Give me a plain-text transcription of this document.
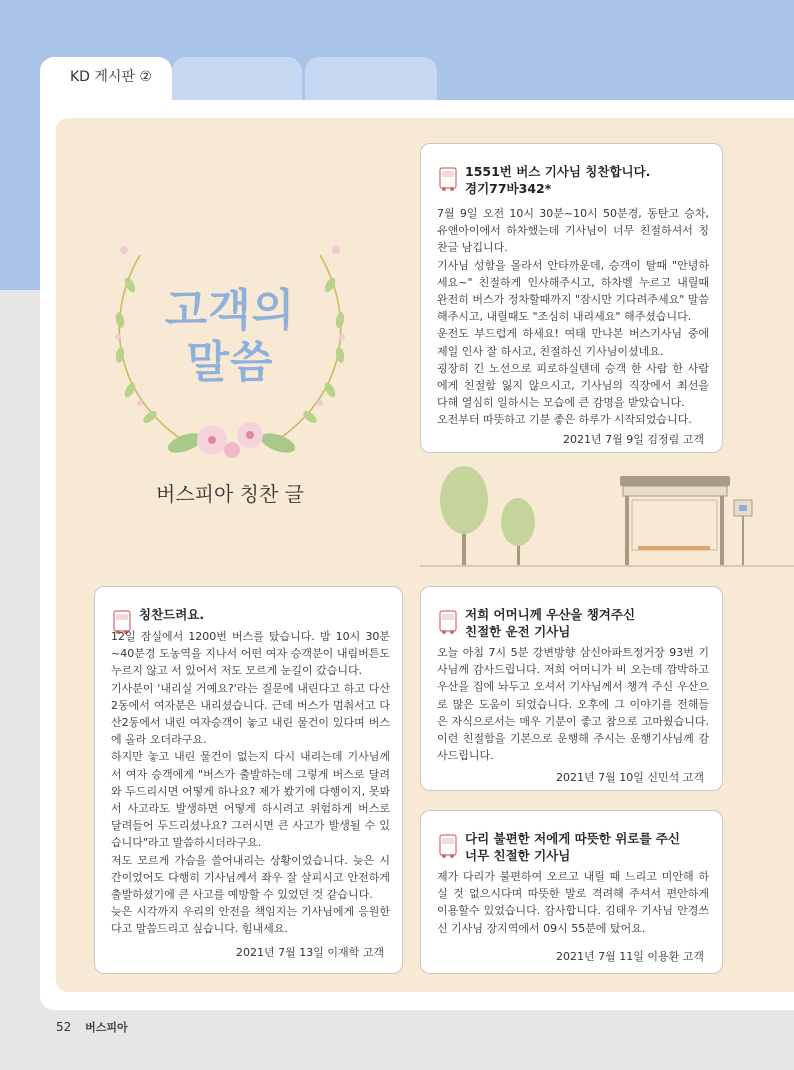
KD 게시판 ②
고객의
말씀
버스피아 칭찬 글
1551번 버스 기사님 칭찬합니다.
경기77바342*

7월 9일 오전 10시 30분~10시 50분경, 동탄고 승차, 유앤아이에서 하차했는데 기사님이 너무 친절하셔서 칭찬글 남깁니다.

기사님 성함을 몰라서 안타까운데, 승객이 탈때 "안녕하세요~" 친절하게 인사해주시고, 하차벨 누르고 내릴때 완전히 버스가 정차할때까지 "잠시만 기다려주세요" 말씀해주시고, 내릴때도 "조심히 내리세요" 해주셨습니다.

운전도 부드럽게 하세요! 여태 만나본 버스기사님 중에 제일 인사 잘 하시고, 친절하신 기사님이셨네요.

굉장히 긴 노선으로 피로하실텐데 승객 한 사람 한 사람에게 친절함 잃지 않으시고, 기사님의 직장에서 최선을 다해 열심히 일하시는 모습에 큰 감명을 받았습니다.

오전부터 따뜻하고 기분 좋은 하루가 시작되었습니다.

2021년 7월 9일 김정림 고객
칭찬드려요.

12일 잠실에서 1200번 버스를 탔습니다. 밤 10시 30분~40분경 도농역을 지나서 어떤 여자 승객분이 내림버튼도 누르지 않고 서 있어서 저도 모르게 눈길이 갔습니다.

기사분이 '내리실 거예요?'라는 질문에 내린다고 하고 다산2동에서 여자분은 내리셨습니다. 근데 버스가 멈춰서고 다산2동에서 내린 여자승객이 놓고 내린 물건이 있다며 버스에 올라 오더라구요.

하지만 놓고 내린 물건이 없는지 다시 내리는데 기사님께서 여자 승객에게 "버스가 출발하는데 그렇게 버스로 달려와 두드리시면 어떻게 하나요? 제가 봤기에 다행이지, 못봐서 사고라도 발생하면 어떻게 하시려고 위험하게 버스로 달려들어 두드리셨나요? 그러시면 큰 사고가 발생될 수 있습니다"라고 말씀하시더라구요.

저도 모르게 가슴을 쓸어내리는 상황이었습니다. 늦은 시간이었어도 다행히 기사님께서 좌우 잘 살피시고 안전하게 출발하셨기에 큰 사고를 예방할 수 있었던 것 같습니다.

늦은 시각까지 우리의 안전을 책임지는 기사님에게 응원한다고 말씀드리고 싶습니다. 힘내세요.

2021년 7월 13일 이재학 고객
저희 어머니께 우산을 챙겨주신
친절한 운전 기사님

오늘 아침 7시 5분 강변방향 삼신아파트정거장 93번 기사님께 감사드립니다. 저희 어머니가 비 오는데 깜박하고 우산을 집에 놔두고 오셔서 기사님께서 챙겨 주신 우산으로 많은 도움이 되었습니다. 오후에 그 이야기를 전해들은 자식으로서는 매우 기분이 좋고 참으로 고마웠습니다. 이런 친절함을 기본으로 운행해 주시는 운행기사님께 감사드립니다.

2021년 7월 10일 신민석 고객
다리 불편한 저에게 따뜻한 위로를 주신
너무 친절한 기사님

제가 다리가 불편하여 오르고 내릴 때 느리고 미안해 하실 것 없으시다며 따뜻한 말로 격려해 주셔서 편안하게 이용할수 있었습니다. 감사합니다. 김태우 기사님 안경쓰신 기사님 장지역에서 09시 55분에 탔어요.

2021년 7월 11일 이용환 고객
52 버스피아
